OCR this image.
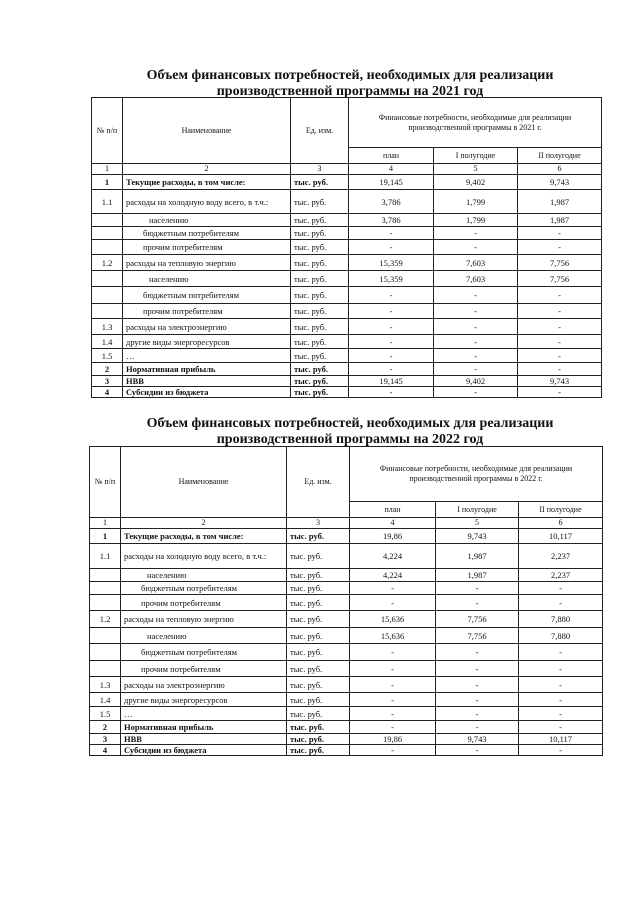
Объем финансовых потребностей, необходимых для реализации производственной программы на 2021 год
№ п/п	Наименование	Ед. изм.	Финансовые потребности, необходимые для реализации производственной программы в 2021 г.		
			план	I полугодие	II полугодие
1	2	3	4	5	6
1	Текущие расходы, в том числе:	тыс. руб.	19,145	9,402	9,743
1.1	расходы на холодную воду всего, в т.ч.:	тыс. руб.	3,786	1,799	1,987
	населению	тыс. руб.	3,786	1,799	1,987
	бюджетным потребителям	тыс. руб.	-	-	-
	прочим потребителям	тыс. руб.	-	-	-
1.2	расходы на тепловую энергию	тыс. руб.	15,359	7,603	7,756
	населению	тыс. руб.	15,359	7,603	7,756
	бюджетным потребителям	тыс. руб.	-	-	-
	прочим потребителям	тыс. руб.	-	-	-
1.3	расходы на электроэнергию	тыс. руб.	-	-	-
1.4	другие виды энергоресурсов	тыс. руб.	-	-	-
1.5	…	тыс. руб.	-	-	-
2	Нормативная прибыль	тыс. руб.	-	-	-
3	НВВ	тыс. руб.	19,145	9,402	9,743
4	Субсидии из бюджета	тыс. руб.	-	-	-
Объем финансовых потребностей, необходимых для реализации производственной программы на 2022 год
№ п/п	Наименование	Ед. изм.	Финансовые потребности, необходимые для реализации производственной программы в 2022 г.		
			план	I полугодие	II полугодие
1	2	3	4	5	6
1	Текущие расходы, в том числе:	тыс. руб.	19,86	9,743	10,117
1.1	расходы на холодную воду всего, в т.ч.:	тыс. руб.	4,224	1,987	2,237
	населению	тыс. руб.	4,224	1,987	2,237
	бюджетным потребителям	тыс. руб.	-	-	-
	прочим потребителям	тыс. руб.	-	-	-
1.2	расходы на тепловую энергию	тыс. руб.	15,636	7,756	7,880
	населению	тыс. руб.	15,636	7,756	7,880
	бюджетным потребителям	тыс. руб.	-	-	-
	прочим потребителям	тыс. руб.	-	-	-
1.3	расходы на электроэнергию	тыс. руб.	-	-	-
1.4	другие виды энергоресурсов	тыс. руб.	-	-	-
1.5	…	тыс. руб.	-	-	-
2	Нормативная прибыль	тыс. руб.	-	-	-
3	НВВ	тыс. руб.	19,86	9,743	10,117
4	Субсидии из бюджета	тыс. руб.	-	-	-
